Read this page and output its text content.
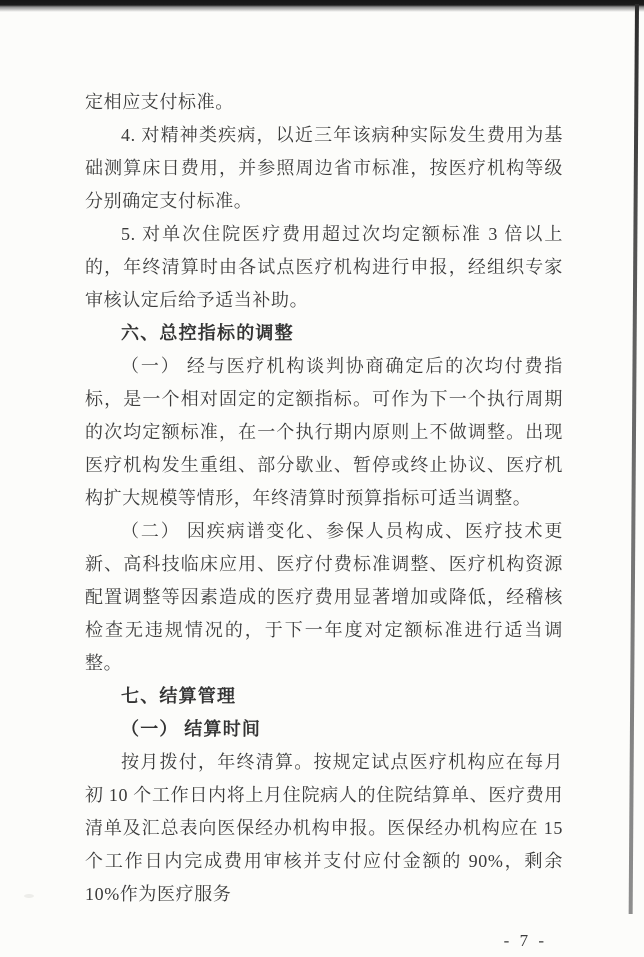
定相应支付标准。

4. 对精神类疾病，以近三年该病种实际发生费用为基础测算床日费用，并参照周边省市标准，按医疗机构等级分别确定支付标准。

5. 对单次住院医疗费用超过次均定额标准 3 倍以上的，年终清算时由各试点医疗机构进行申报，经组织专家审核认定后给予适当补助。

六、总控指标的调整

（一） 经与医疗机构谈判协商确定后的次均付费指标，是一个相对固定的定额指标。可作为下一个执行周期的次均定额标准，在一个执行期内原则上不做调整。出现医疗机构发生重组、部分歇业、暂停或终止协议、医疗机构扩大规模等情形，年终清算时预算指标可适当调整。

（二） 因疾病谱变化、参保人员构成、医疗技术更新、高科技临床应用、医疗付费标准调整、医疗机构资源配置调整等因素造成的医疗费用显著增加或降低，经稽核检查无违规情况的，于下一年度对定额标准进行适当调整。

七、结算管理

（一） 结算时间

按月拨付，年终清算。按规定试点医疗机构应在每月初 10 个工作日内将上月住院病人的住院结算单、医疗费用清单及汇总表向医保经办机构申报。医保经办机构应在 15 个工作日内完成费用审核并支付应付金额的 90%，剩余 10%作为医疗服务

- 7 -
